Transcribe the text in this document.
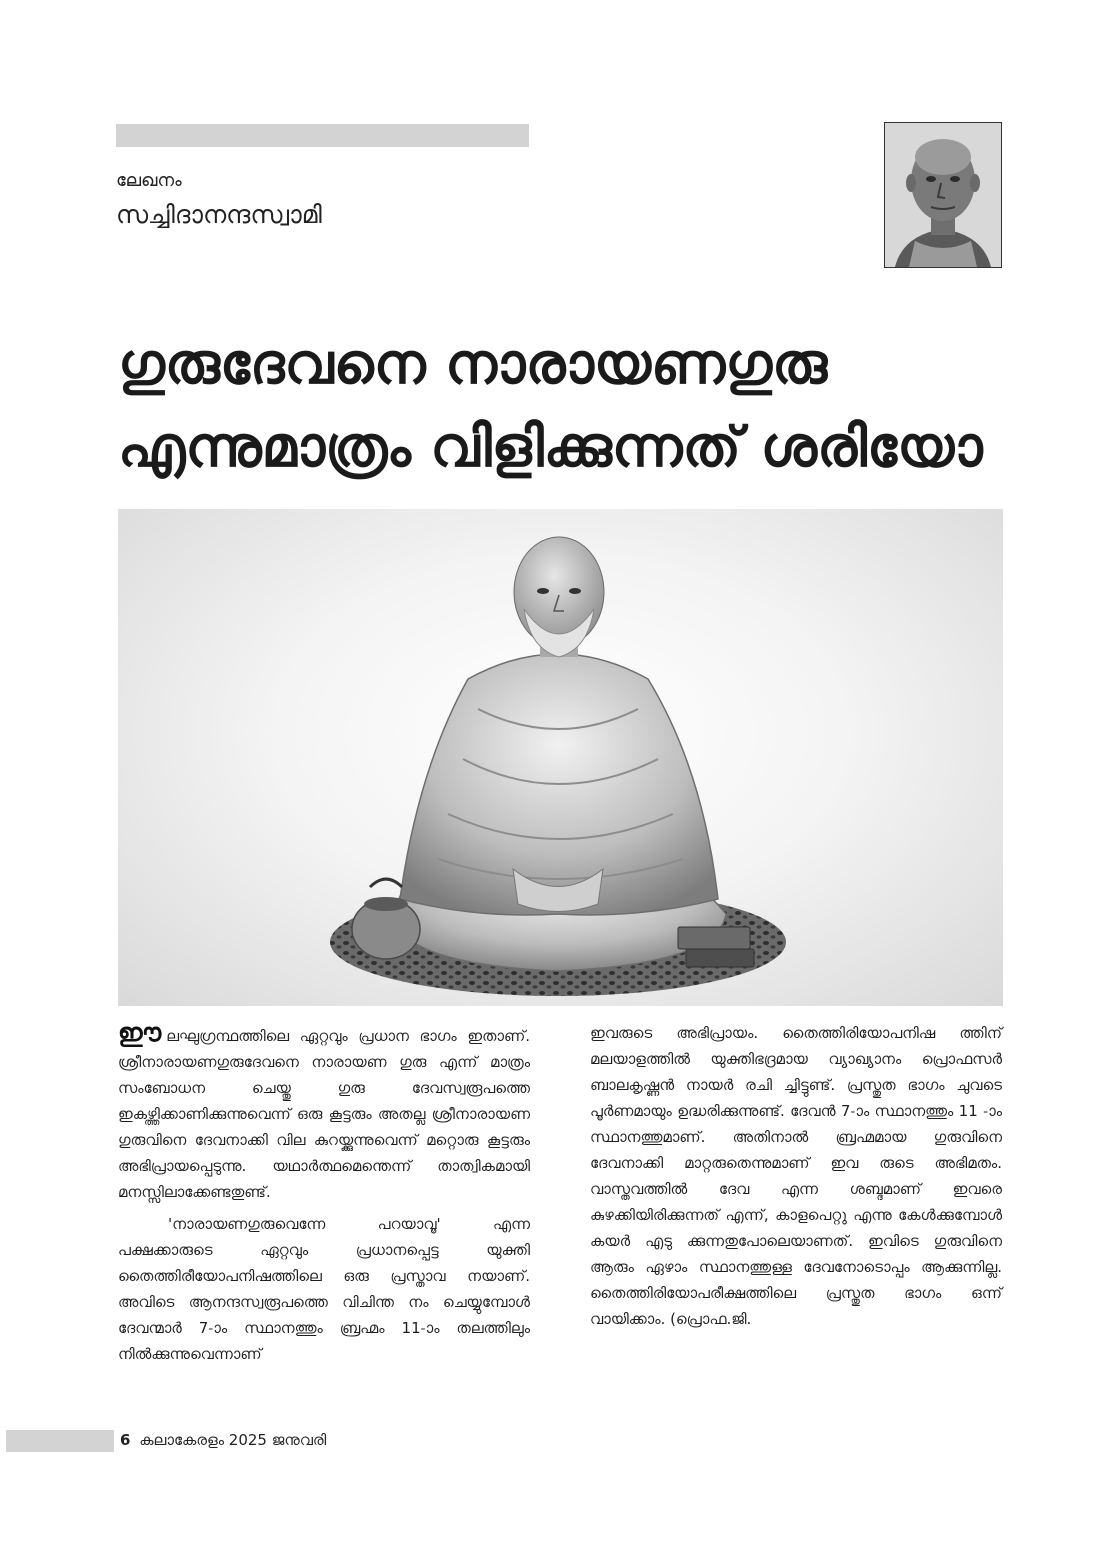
ലേഖനം
സച്ചിദാനന്ദസ്വാമി
ഗുരുദേവനെ നാരായണഗുരു
എന്നുമാത്രം വിളിക്കുന്നത് ശരിയോ

ഈലഘുഗ്രന്ഥത്തിലെ ഏറ്റവും പ്രധാന ഭാഗം ഇതാണ്. ശ്രീനാരായണഗുരുദേവനെ നാരായണ ഗുരു എന്ന് മാത്രം സംബോധന ചെയ്തു ഗുരു ദേവസ്വരൂപത്തെ ഇകഴ്ത്തിക്കാണിക്കുന്നുവെന്ന് ഒരു കൂട്ടരും അതല്ല ശ്രീനാരായണ ഗുരുവിനെ ദേവനാക്കി വില കുറയ്ക്കുന്നുവെന്ന് മറ്റൊരു കൂട്ടരും അഭിപ്രായപ്പെടുന്നു. യഥാർത്ഥമെന്തെന്ന് താത്വികമായി മനസ്സിലാക്കേണ്ടതുണ്ട്.

'നാരായണഗുരുവെന്നേ പറയാവൂ' എന്ന പക്ഷക്കാരുടെ ഏറ്റവും പ്രധാനപ്പെട്ട യുക്തി തൈത്തിരീയോപനിഷത്തിലെ ഒരു പ്രസ്താവ നയാണ്. അവിടെ ആനന്ദസ്വരൂപത്തെ വിചിന്ത നം ചെയ്യുമ്പോൾ ദേവന്മാർ 7-ാം സ്ഥാനത്തും ബ്രഹ്മം 11-ാം തലത്തിലും നിൽക്കുന്നുവെന്നാണ്

ഇവരുടെ അഭിപ്രായം. തൈത്തിരിയോപനിഷ ത്തിന് മലയാളത്തിൽ യുക്തിഭദ്രമായ വ്യാഖ്യാനം പ്രൊഫസർ ബാലകൃഷ്ണൻ നായർ രചി ച്ചിട്ടുണ്ട്. പ്രസ്തുത ഭാഗം ചുവടെ പൂർണമായും ഉദ്ധരിക്കുന്നുണ്ട്. ദേവൻ 7-ാം സ്ഥാനത്തും 11 -ാം സ്ഥാനത്തുമാണ്. അതിനാൽ ബ്രഹ്മമായ ഗുരുവിനെ ദേവനാക്കി മാറ്റരുതെന്നുമാണ് ഇവ രുടെ അഭിമതം. വാസ്തവത്തിൽ ദേവ എന്ന ശബ്ദമാണ് ഇവരെ കുഴക്കിയിരിക്കുന്നത് എന്ന്, കാളപെറ്റു എന്നു കേൾക്കുമ്പോൾ കയർ എടു ക്കുന്നതുപോലെയാണത്. ഇവിടെ ഗുരുവിനെ ആരും ഏഴാം സ്ഥാനത്തുള്ള ദേവനോടൊപ്പം ആക്കുന്നില്ല. തൈത്തിരിയോപരീക്ഷത്തിലെ പ്രസ്തുത ഭാഗം ഒന്ന് വായിക്കാം. (പ്രൊഫ.ജി.

6 കലാകേരളം 2025 ജനുവരി
